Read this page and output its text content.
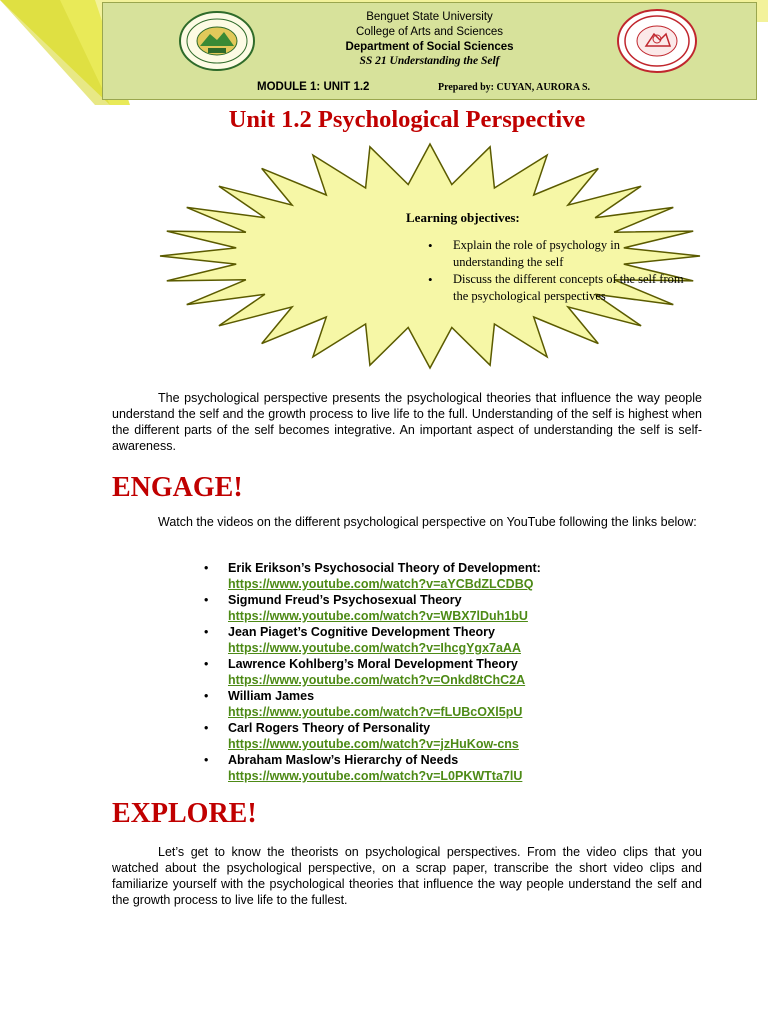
Benguet State University
College of Arts and Sciences
Department of Social Sciences
SS 21 Understanding the Self
MODULE 1: UNIT 1.2	Prepared by: CUYAN, AURORA S.
Unit 1.2 Psychological Perspective
Learning objectives:
• Explain the role of psychology in understanding the self
• Discuss the different concepts of the self from the psychological perspectives

The psychological perspective presents the psychological theories that influence the way people understand the self and the growth process to live life to the full. Understanding of the self is highest when the different parts of the self becomes integrative. An important aspect of understanding the self is self-awareness.

ENGAGE!

Watch the videos on the different psychological perspective on YouTube following the links below:

• Erik Erikson’s Psychosocial Theory of Development:
https://www.youtube.com/watch?v=aYCBdZLCDBQ
• Sigmund Freud’s Psychosexual Theory
https://www.youtube.com/watch?v=WBX7lDuh1bU
• Jean Piaget’s Cognitive Development Theory
https://www.youtube.com/watch?v=IhcgYgx7aAA
• Lawrence Kohlberg’s Moral Development Theory
https://www.youtube.com/watch?v=Onkd8tChC2A
• William James
https://www.youtube.com/watch?v=fLUBcOXl5pU
• Carl Rogers Theory of Personality
https://www.youtube.com/watch?v=jzHuKow-cns
• Abraham Maslow’s Hierarchy of Needs
https://www.youtube.com/watch?v=L0PKWTta7lU
EXPLORE!

Let’s get to know the theorists on psychological perspectives. From the video clips that you watched about the psychological perspective, on a scrap paper, transcribe the short video clips and familiarize yourself with the psychological theories that influence the way people understand the self and the growth process to live life to the fullest.
